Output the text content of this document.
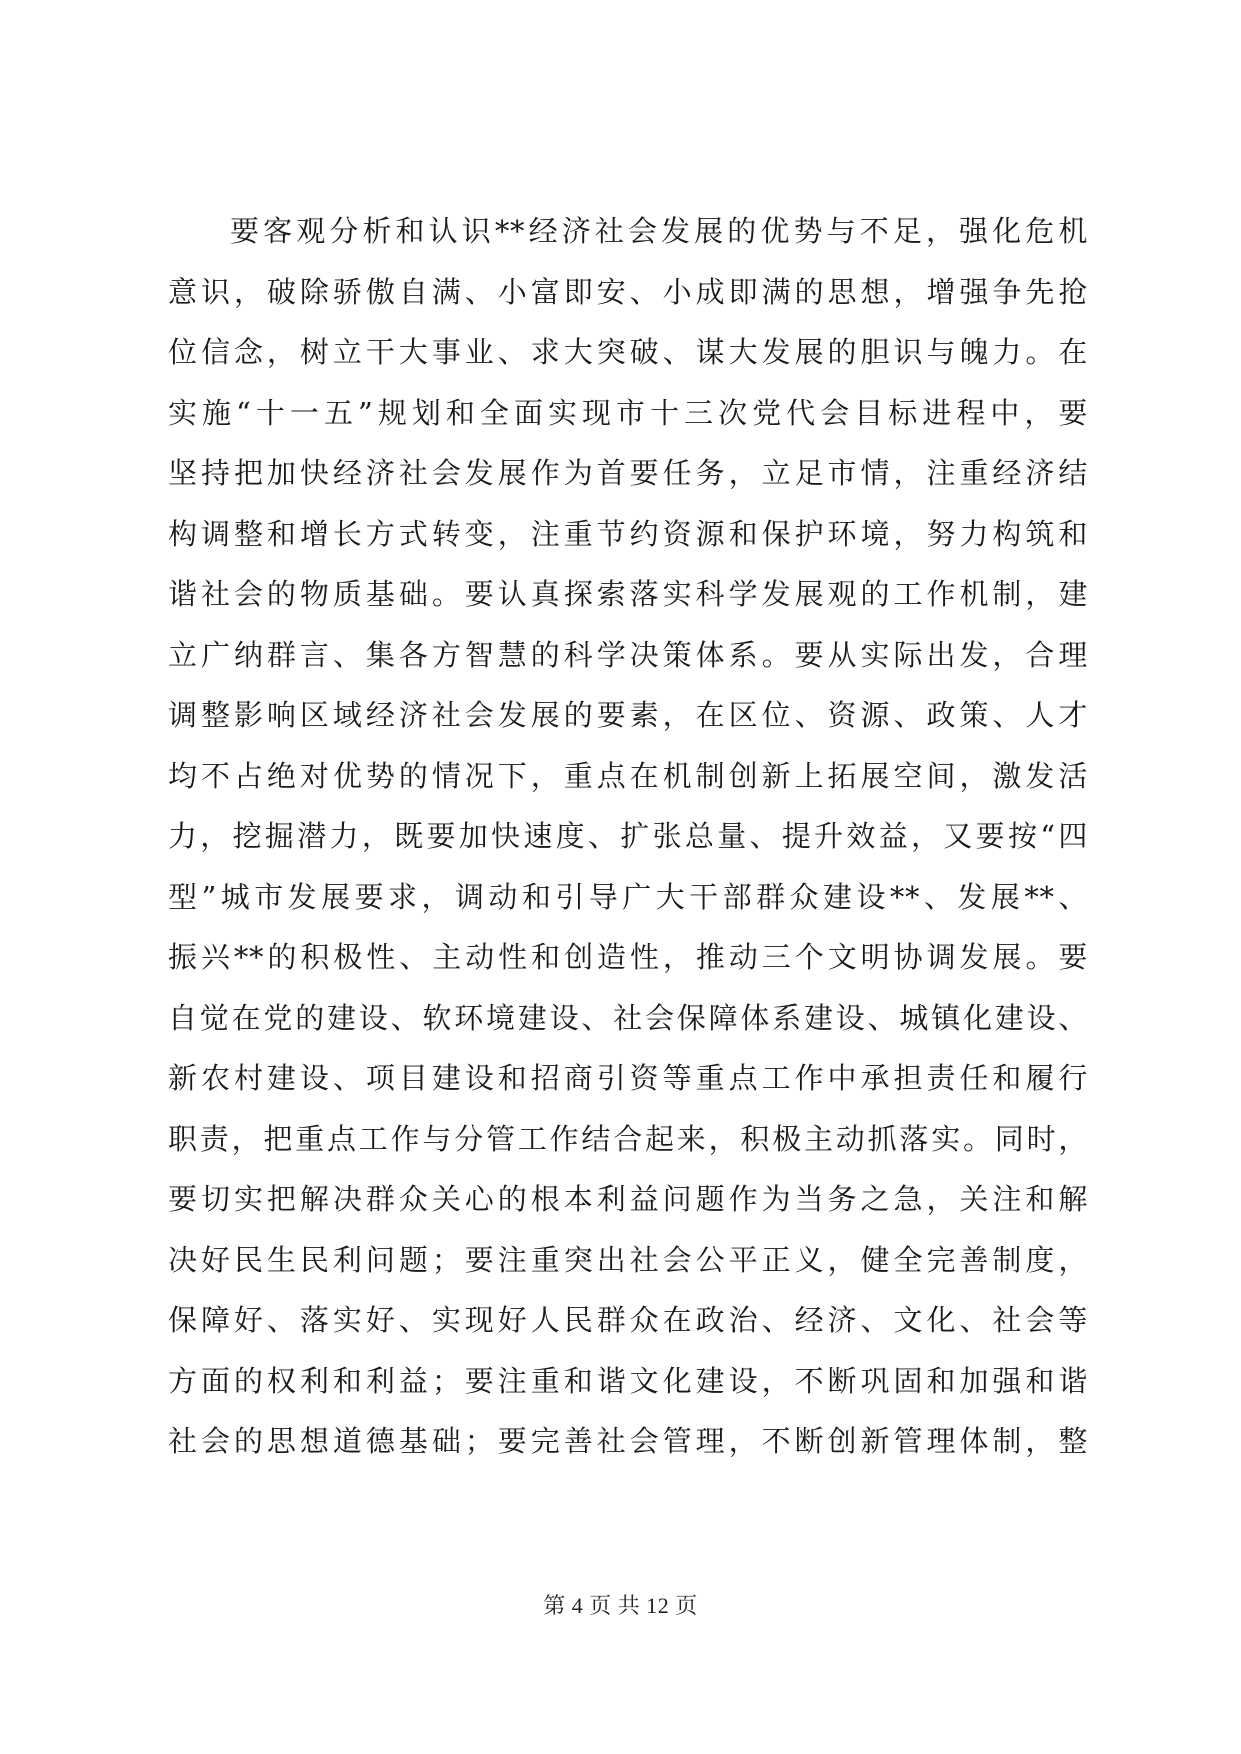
要客观分析和认识**经济社会发展的优势与不足，强化危机
意识，破除骄傲自满、小富即安、小成即满的思想，增强争先抢
位信念，树立干大事业、求大突破、谋大发展的胆识与魄力。在
实施“十一五”规划和全面实现市十三次党代会目标进程中，要
坚持把加快经济社会发展作为首要任务，立足市情，注重经济结
构调整和增长方式转变，注重节约资源和保护环境，努力构筑和
谐社会的物质基础。要认真探索落实科学发展观的工作机制，建
立广纳群言、集各方智慧的科学决策体系。要从实际出发，合理
调整影响区域经济社会发展的要素，在区位、资源、政策、人才
均不占绝对优势的情况下，重点在机制创新上拓展空间，激发活
力，挖掘潜力，既要加快速度、扩张总量、提升效益，又要按“四
型”城市发展要求，调动和引导广大干部群众建设**、发展**、
振兴**的积极性、主动性和创造性，推动三个文明协调发展。要
自觉在党的建设、软环境建设、社会保障体系建设、城镇化建设、
新农村建设、项目建设和招商引资等重点工作中承担责任和履行
职责，把重点工作与分管工作结合起来，积极主动抓落实。同时，
要切实把解决群众关心的根本利益问题作为当务之急，关注和解
决好民生民利问题；要注重突出社会公平正义，健全完善制度，
保障好、落实好、实现好人民群众在政治、经济、文化、社会等
方面的权利和利益；要注重和谐文化建设，不断巩固和加强和谐
社会的思想道德基础；要完善社会管理，不断创新管理体制，整
第 4 页 共 12 页
